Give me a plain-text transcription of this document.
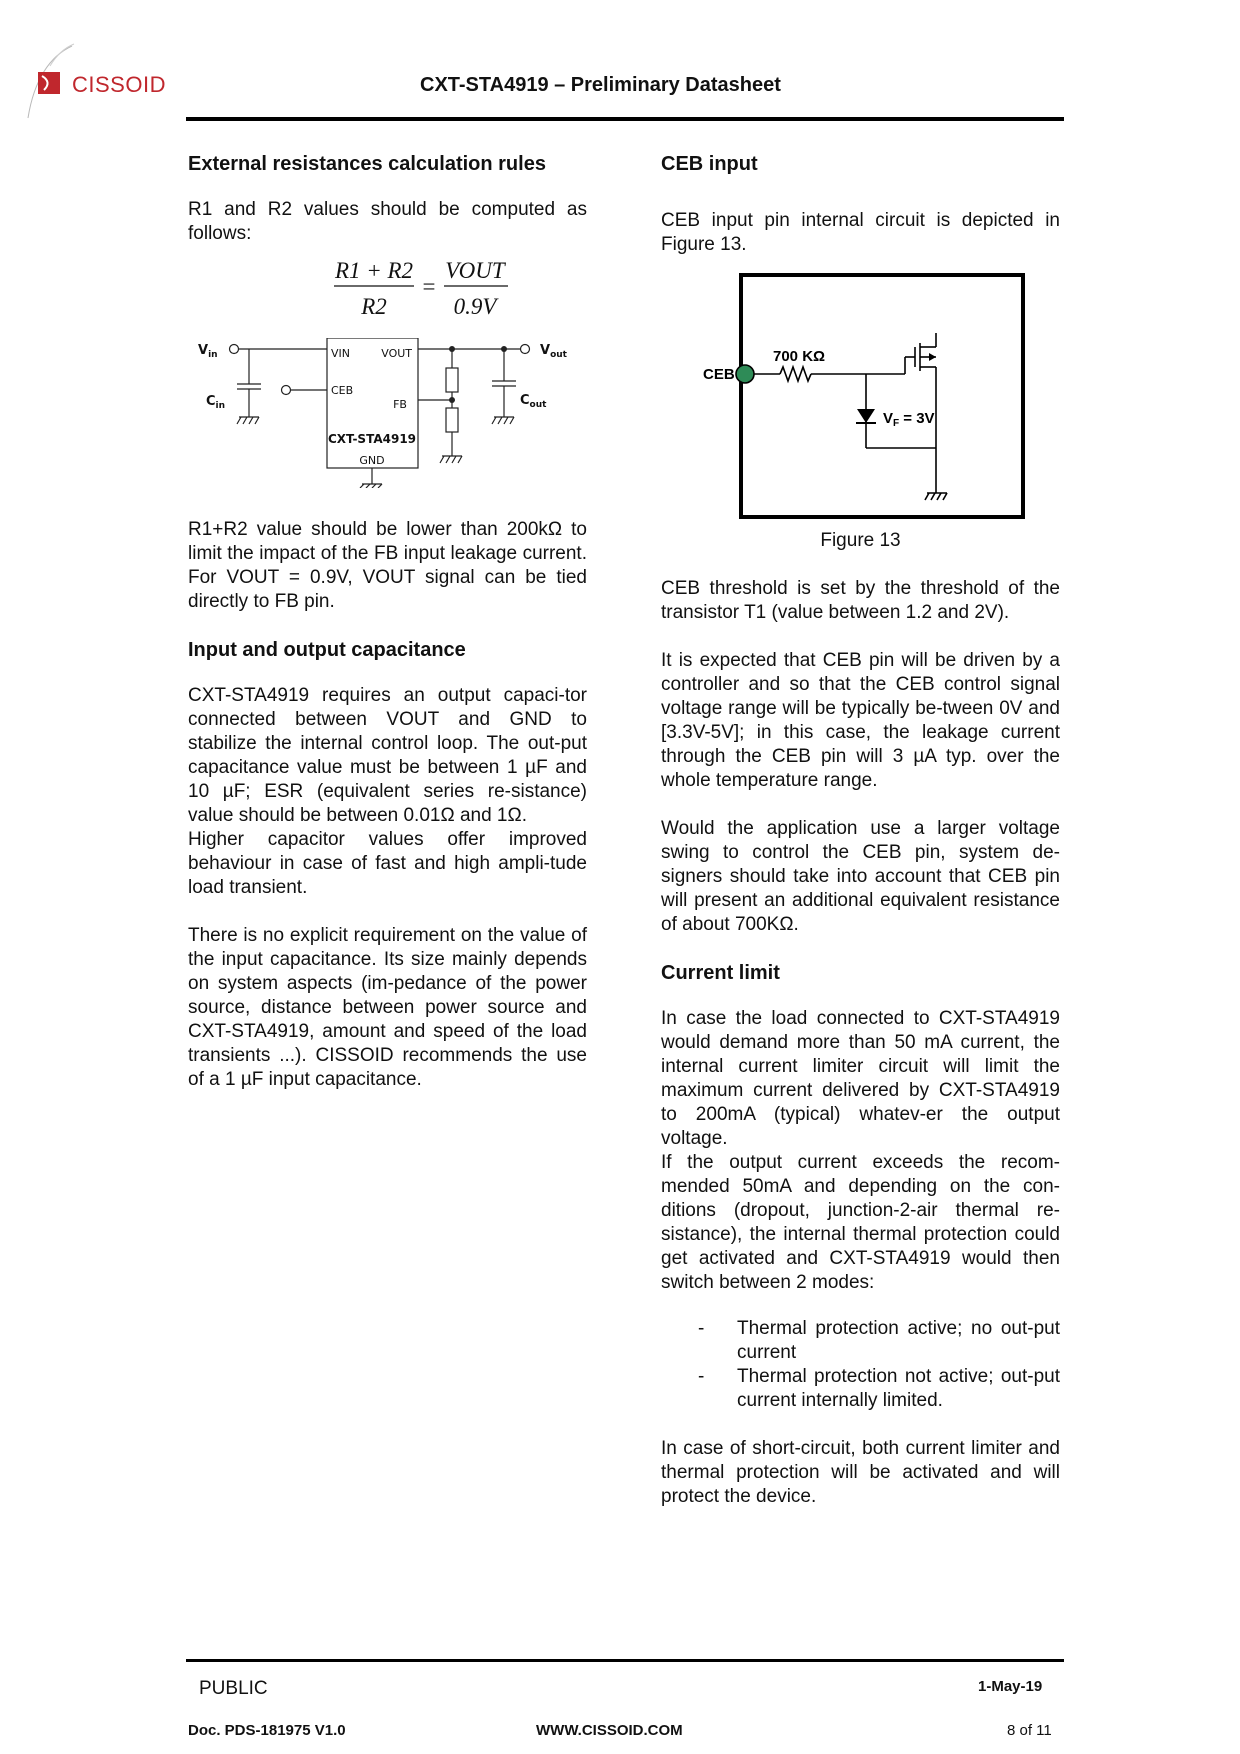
CISSOID	CXT-STA4919 – Preliminary Datasheet
External resistances calculation rules

R1 and R2 values should be computed as follows:

R1 + R2
R2
=
VOUT
0.9V
$V_{in}$
$C_{in}$
$V_{out}$
$C_{out}$
VIN	VOUT
CEB
FB
CXT-STA4919
GND

R1+R2 value should be lower than 200kΩ to limit the impact of the FB input leakage current. For VOUT = 0.9V, VOUT signal can be tied directly to FB pin.

Input and output capacitance

CXT-STA4919 requires an output capaci-tor connected between VOUT and GND to stabilize the internal control loop. The out-put capacitance value must be between 1 µF and 10 µF; ESR (equivalent series re-sistance) value should be between 0.01Ω and 1Ω.

Higher capacitor values offer improved behaviour in case of fast and high ampli-tude load transient.

There is no explicit requirement on the value of the input capacitance. Its size mainly depends on system aspects (im-pedance of the power source, distance between power source and CXT-STA4919, amount and speed of the load transients ...). CISSOID recommends the use of a 1 µF input capacitance.

CEB input

CEB input pin internal circuit is depicted in Figure 13.

CEB
700 KΩ
$V_F = 3V$

Figure 13

CEB threshold is set by the threshold of the transistor T1 (value between 1.2 and 2V).

It is expected that CEB pin will be driven by a controller and so that the CEB control signal voltage range will be typically be-tween 0V and [3.3V-5V]; in this case, the leakage current through the CEB pin will 3 µA typ. over the whole temperature range.

Would the application use a larger voltage swing to control the CEB pin, system de-signers should take into account that CEB pin will present an additional equivalent resistance of about 700KΩ.

Current limit

In case the load connected to CXT-STA4919 would demand more than 50 mA current, the internal current limiter circuit will limit the maximum current delivered by CXT-STA4919 to 200mA (typical) whatev-er the output voltage.

If the output current exceeds the recom-mended 50mA and depending on the con-ditions (dropout, junction-2-air thermal re-sistance), the internal thermal protection could get activated and CXT-STA4919 would then switch between 2 modes:

- Thermal protection active; no out-put current
- Thermal protection not active; out-put current internally limited.

In case of short-circuit, both current limiter and thermal protection will be activated and will protect the device.

PUBLIC	1-May-19
Doc. PDS-181975 V1.0	WWW.CISSOID.COM	8 of 11
